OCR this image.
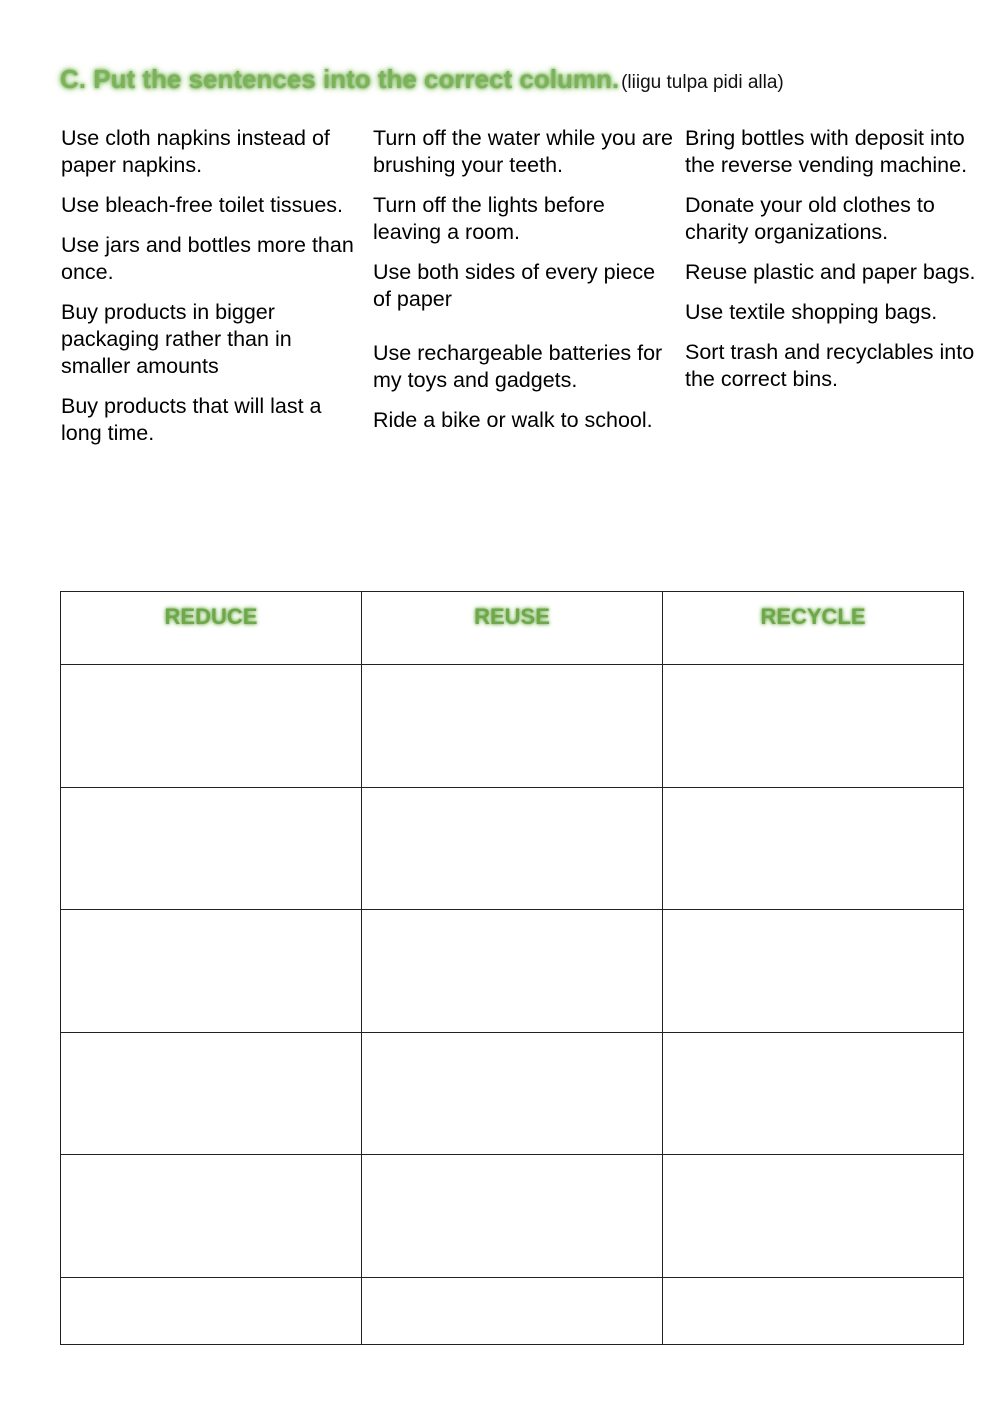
C. Put the sentences into the correct column. (liigu tulpa pidi alla)

Use cloth napkins instead of paper napkins.

Use bleach-free toilet tissues.

Use jars and bottles more than once.

Buy products in bigger packaging rather than in smaller amounts

Buy products that will last a long time.

Turn off the water while you are brushing your teeth.

Turn off the lights before leaving a room.

Use both sides of every piece of paper

Use rechargeable batteries for my toys and gadgets.

Ride a bike or walk to school.

Bring bottles with deposit into the reverse vending machine.

Donate your old clothes to charity organizations.

Reuse plastic and paper bags.

Use textile shopping bags.

Sort trash and recyclables into the correct bins.

REDUCE	REUSE	RECYCLE
